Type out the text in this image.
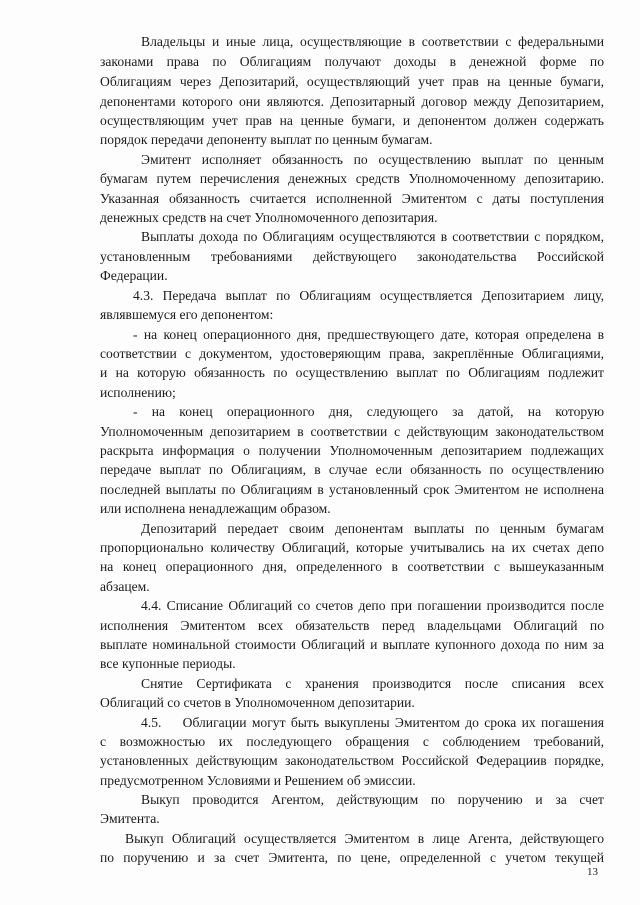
Владельцы и иные лица, осуществляющие в соответствии с федеральными
законами права по Облигациям получают доходы в денежной форме по
Облигациям через Депозитарий, осуществляющий учет прав на ценные бумаги,
депонентами которого они являются. Депозитарный договор между Депозитарием,
осуществляющим учет прав на ценные бумаги, и депонентом должен содержать
порядок передачи депоненту выплат по ценным бумагам.
Эмитент исполняет обязанность по осуществлению выплат по ценным
бумагам путем перечисления денежных средств Уполномоченному депозитарию.
Указанная обязанность считается исполненной Эмитентом с даты поступления
денежных средств на счет Уполномоченного депозитария.
Выплаты дохода по Облигациям осуществляются в соответствии с порядком,
установленным требованиями действующего законодательства Российской
Федерации.
4.3. Передача выплат по Облигациям осуществляется Депозитарием лицу,
являвшемуся его депонентом:
- на конец операционного дня, предшествующего дате, которая определена в
соответствии с документом, удостоверяющим права, закреплённые Облигациями,
и на которую обязанность по осуществлению выплат по Облигациям подлежит
исполнению;
- на конец операционного дня, следующего за датой, на которую
Уполномоченным депозитарием в соответствии с действующим законодательством
раскрыта информация о получении Уполномоченным депозитарием подлежащих
передаче выплат по Облигациям, в случае если обязанность по осуществлению
последней выплаты по Облигациям в установленный срок Эмитентом не исполнена
или исполнена ненадлежащим образом.
Депозитарий передает своим депонентам выплаты по ценным бумагам
пропорционально количеству Облигаций, которые учитывались на их счетах депо
на конец операционного дня, определенного в соответствии с вышеуказанным
абзацем.
4.4. Списание Облигаций со счетов депо при погашении производится после
исполнения Эмитентом всех обязательств перед владельцами Облигаций по
выплате номинальной стоимости Облигаций и выплате купонного дохода по ним за
все купонные периоды.
Снятие Сертификата с хранения производится после списания всех
Облигаций со счетов в Уполномоченном депозитарии.
4.5.    Облигации могут быть выкуплены Эмитентом до срока их погашения
с возможностью их последующего обращения с соблюдением требований,
установленных действующим законодательством Российской Федерациив порядке,
предусмотренном Условиями и Решением об эмиссии.
Выкуп проводится Агентом, действующим по поручению и за счет
Эмитента.
Выкуп Облигаций осуществляется Эмитентом в лице Агента, действующего
по поручению и за счет Эмитента, по цене, определенной с учетом текущей
13
